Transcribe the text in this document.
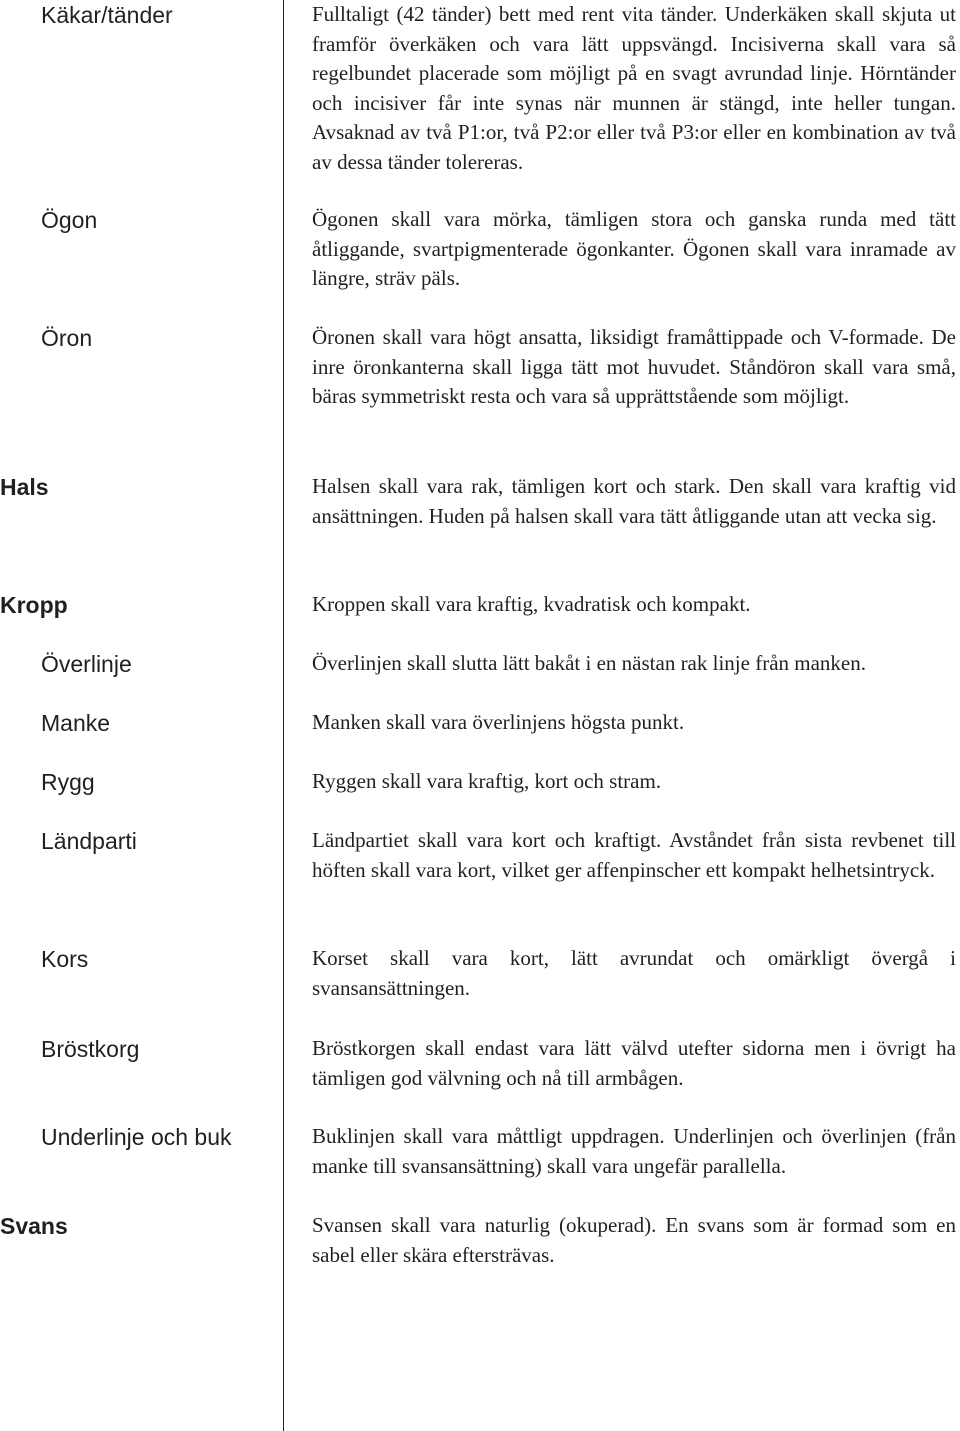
Käkar/tänder	Fulltaligt (42 tänder) bett med rent vita tänder. Underkäken skall skjuta ut framför överkäken och vara lätt uppsvängd. Incisiverna skall vara så regelbundet placerade som möjligt på en svagt avrundad linje. Hörntänder och incisiver får inte synas när munnen är stängd, inte heller tungan. Avsaknad av två P1:or, två P2:or eller två P3:or eller en kombination av två av dessa tänder tolereras.
Ögon	Ögonen skall vara mörka, tämligen stora och ganska runda med tätt åtliggande, svartpigmenterade ögonkanter. Ögonen skall vara inramade av längre, sträv päls.
Öron	Öronen skall vara högt ansatta, liksidigt framåttippade och V-formade. De inre öronkanterna skall ligga tätt mot huvudet. Ståndöron skall vara små, bäras symmetriskt resta och vara så upprättstående som möjligt.
Hals	Halsen skall vara rak, tämligen kort och stark. Den skall vara kraftig vid ansättningen. Huden på halsen skall vara tätt åtliggande utan att vecka sig.
Kropp	Kroppen skall vara kraftig, kvadratisk och kompakt.
Överlinje	Överlinjen skall slutta lätt bakåt i en nästan rak linje från manken.
Manke	Manken skall vara överlinjens högsta punkt.
Rygg	Ryggen skall vara kraftig, kort och stram.
Ländparti	Ländpartiet skall vara kort och kraftigt. Avståndet från sista revbenet till höften skall vara kort, vilket ger affenpinscher ett kompakt helhetsintryck.
Kors	Korset skall vara kort, lätt avrundat och omärkligt övergå i svansansättningen.
Bröstkorg	Bröstkorgen skall endast vara lätt välvd utefter sidorna men i övrigt ha tämligen god välvning och nå till armbågen.
Underlinje och buk	Buklinjen skall vara måttligt uppdragen. Underlinjen och överlinjen (från manke till svansansättning) skall vara ungefär parallella.
Svans	Svansen skall vara naturlig (okuperad). En svans som är formad som en sabel eller skära eftersträvas.
